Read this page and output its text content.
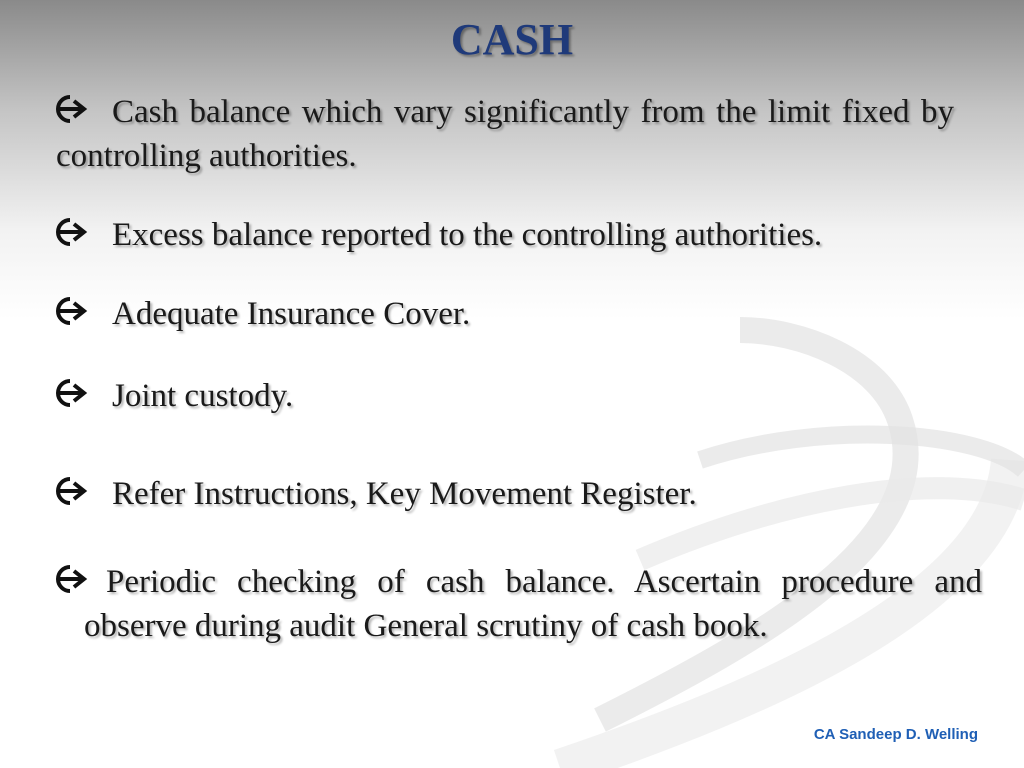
CASH
Cash balance which vary significantly from the limit fixed by controlling authorities.
Excess balance reported to the controlling authorities.
Adequate Insurance Cover.
Joint custody.
Refer Instructions, Key Movement Register.
Periodic checking of cash balance. Ascertain procedure and observe during audit General scrutiny of cash book.
CA Sandeep D. Welling
